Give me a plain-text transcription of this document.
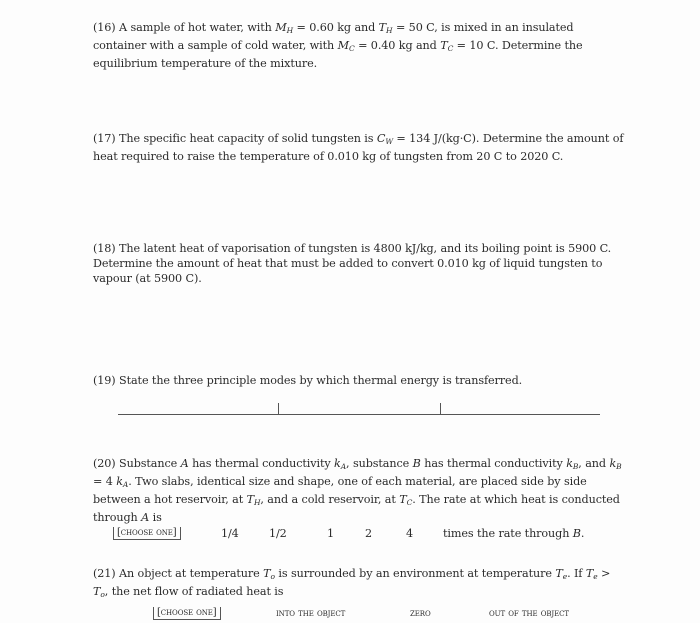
(16) A sample of hot water, with $M_H = 0.60$ kg and $T_H = 50$ C, is mixed in an insulated container with a sample of cold water, with $M_C = 0.40$ kg and $T_C = 10$ C. Determine the equilibrium temperature of the mixture.

(17) The specific heat capacity of solid tungsten is $C_W = 134$ J/(kg·C). Determine the amount of heat required to raise the temperature of 0.010 kg of tungsten from 20 C to 2020 C.

(18) The latent heat of vaporisation of tungsten is 4800 kJ/kg, and its boiling point is 5900 C. Determine the amount of heat that must be added to convert 0.010 kg of liquid tungsten to vapour (at 5900 C).

(19) State the three principle modes by which thermal energy is transferred.

(20) Substance A has thermal conductivity $k_A$, substance B has thermal conductivity $k_B$, and $k_B = 4$ $k_A$. Two slabs, identical size and shape, one of each material, are placed side by side between a hot reservoir, at $T_H$, and a cold reservoir, at $T_C$. The rate at which heat is conducted through A is

[choose one]	1/4	1/2	1	2	4	times the rate through B.

(21) An object at temperature $T_o$ is surrounded by an environment at temperature $T_e$. If $T_e > T_o$, the net flow of radiated heat is

[choose one]	into the object	zero	out of the object
